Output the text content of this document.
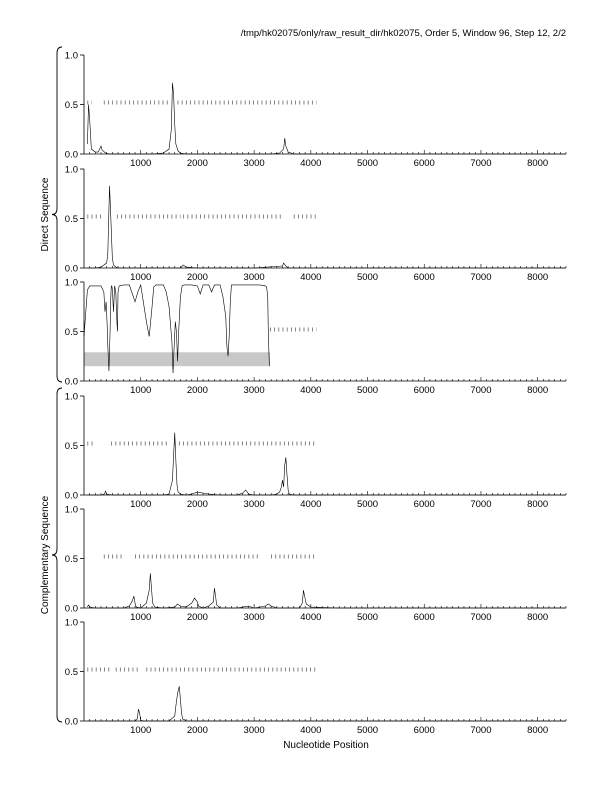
/tmp/hk02075/only/raw_result_dir/hk02075, Order 5, Window 96, Step 12, 2/2
0.0
0.5
1.0
1000	2000	3000	4000	5000	6000	7000	8000
0.0
0.5
1.0
1000	2000	3000	4000	5000	6000	7000	8000
0.0
0.5
1.0
1000	2000	3000	4000	5000	6000	7000	8000
0.0
0.5
1.0
1000	2000	3000	4000	5000	6000	7000	8000
0.0
0.5
1.0
1000	2000	3000	4000	5000	6000	7000	8000
0.0
0.5
1.0
1000	2000	3000	4000	5000	6000	7000	8000
Nucleotide Position
Direct Sequence
Complementary Sequence
